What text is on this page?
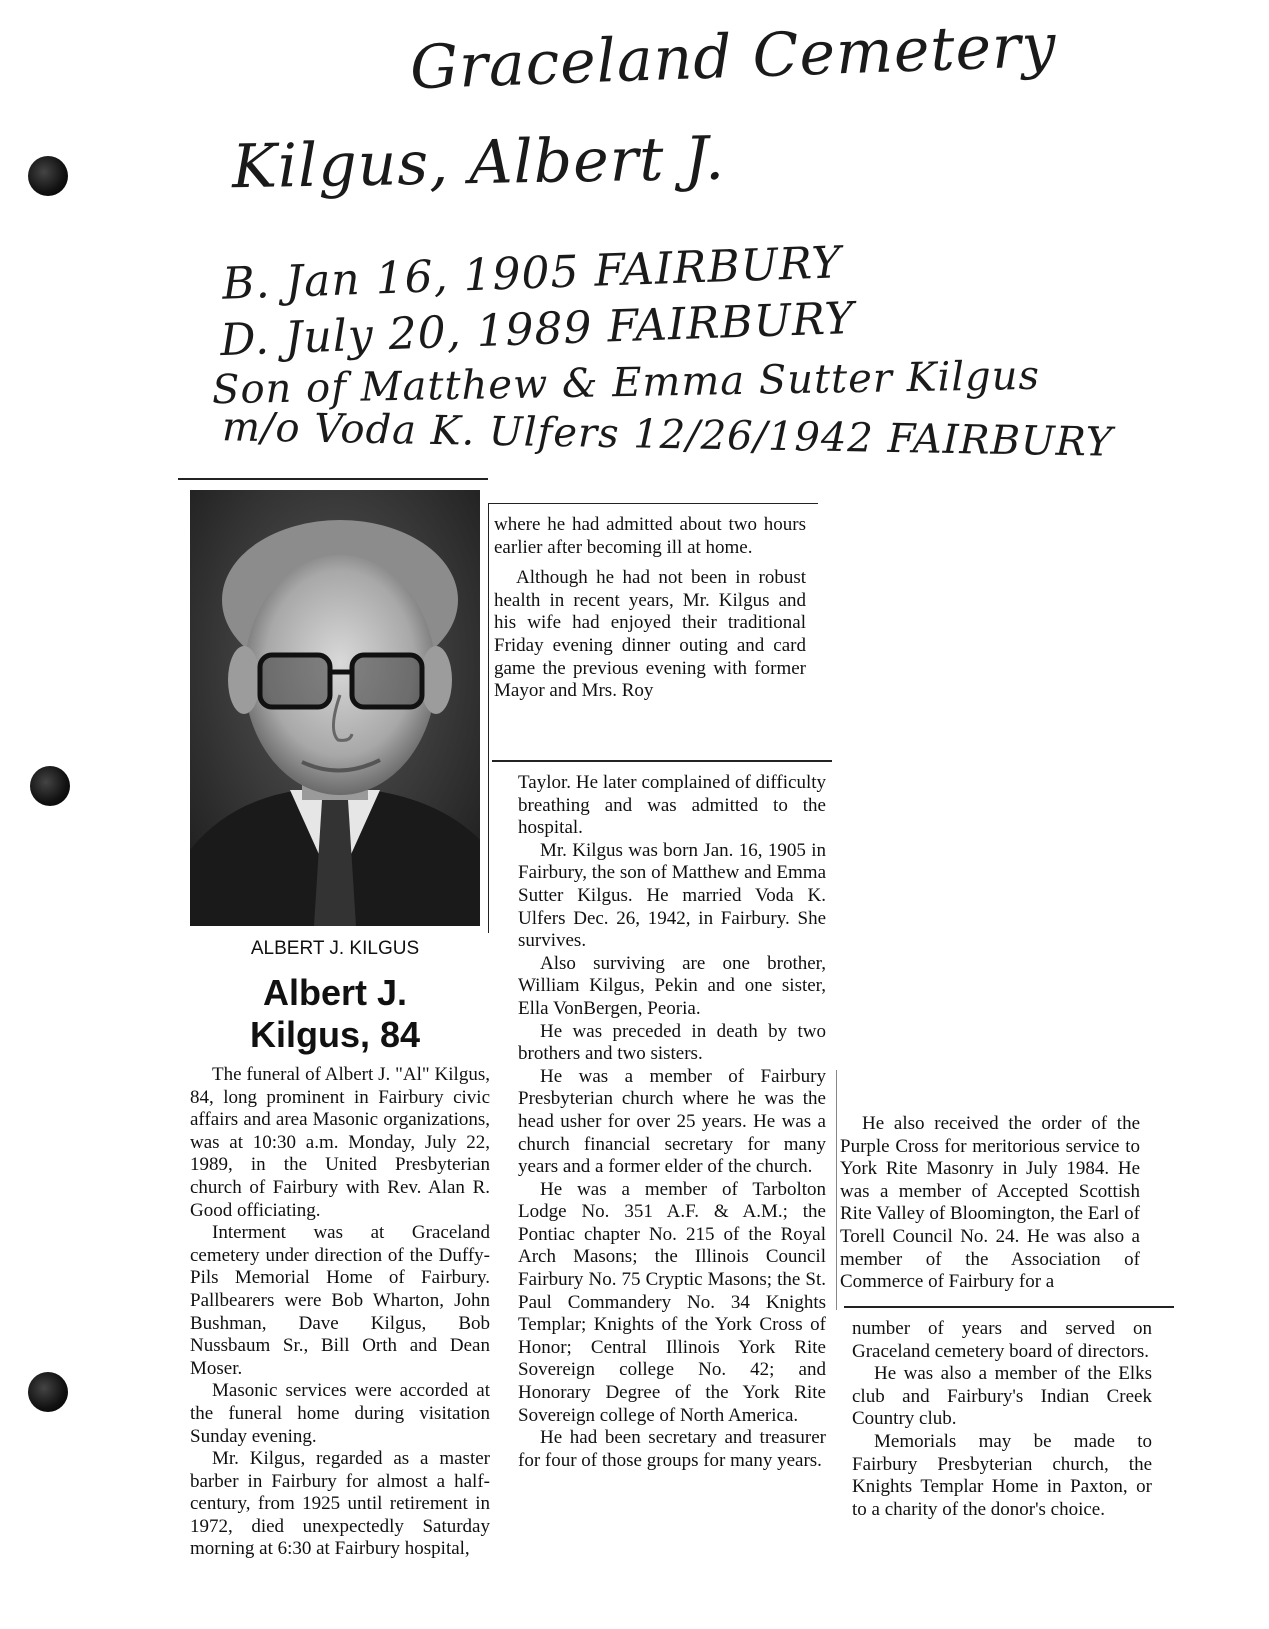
Graceland Cemetery
Kilgus, Albert J.
B. Jan 16, 1905 FAIRBURY
D. July 20, 1989 FAIRBURY
Son of Matthew & Emma Sutter Kilgus
m/o Voda K. Ulfers 12/26/1942 FAIRBURY
ALBERT J. KILGUS
Albert J.
Kilgus, 84

The funeral of Albert J. "Al" Kilgus, 84, long prominent in Fairbury civic affairs and area Masonic organizations, was at 10:30 a.m. Monday, July 22, 1989, in the United Presbyterian church of Fairbury with Rev. Alan R. Good officiating.

Interment was at Graceland cemetery under direction of the Duffy-Pils Memorial Home of Fairbury. Pallbearers were Bob Wharton, John Bushman, Dave Kilgus, Bob Nussbaum Sr., Bill Orth and Dean Moser.

Masonic services were accorded at the funeral home during visitation Sunday evening.

Mr. Kilgus, regarded as a master barber in Fairbury for almost a half-century, from 1925 until retirement in 1972, died unexpectedly Saturday morning at 6:30 at Fairbury hospital,

where he had admitted about two hours earlier after becoming ill at home.

Although he had not been in robust health in recent years, Mr. Kilgus and his wife had enjoyed their traditional Friday evening dinner outing and card game the previous evening with former Mayor and Mrs. Roy

Taylor. He later complained of difficulty breathing and was admitted to the hospital.

Mr. Kilgus was born Jan. 16, 1905 in Fairbury, the son of Matthew and Emma Sutter Kilgus. He married Voda K. Ulfers Dec. 26, 1942, in Fairbury. She survives.

Also surviving are one brother, William Kilgus, Pekin and one sister, Ella VonBergen, Peoria.

He was preceded in death by two brothers and two sisters.

He was a member of Fairbury Presbyterian church where he was the head usher for over 25 years. He was a church financial secretary for many years and a former elder of the church.

He was a member of Tarbolton Lodge No. 351 A.F. & A.M.; the Pontiac chapter No. 215 of the Royal Arch Masons; the Illinois Council Fairbury No. 75 Cryptic Masons; the St. Paul Commandery No. 34 Knights Templar; Knights of the York Cross of Honor; Central Illinois York Rite Sovereign college No. 42; and Honorary Degree of the York Rite Sovereign college of North America.

He had been secretary and treasurer for four of those groups for many years.

He also received the order of the Purple Cross for meritorious service to York Rite Masonry in July 1984. He was a member of Accepted Scottish Rite Valley of Bloomington, the Earl of Torell Council No. 24. He was also a member of the Association of Commerce of Fairbury for a

number of years and served on Graceland cemetery board of directors.

He was also a member of the Elks club and Fairbury's Indian Creek Country club.

Memorials may be made to Fairbury Presbyterian church, the Knights Templar Home in Paxton, or to a charity of the donor's choice.
